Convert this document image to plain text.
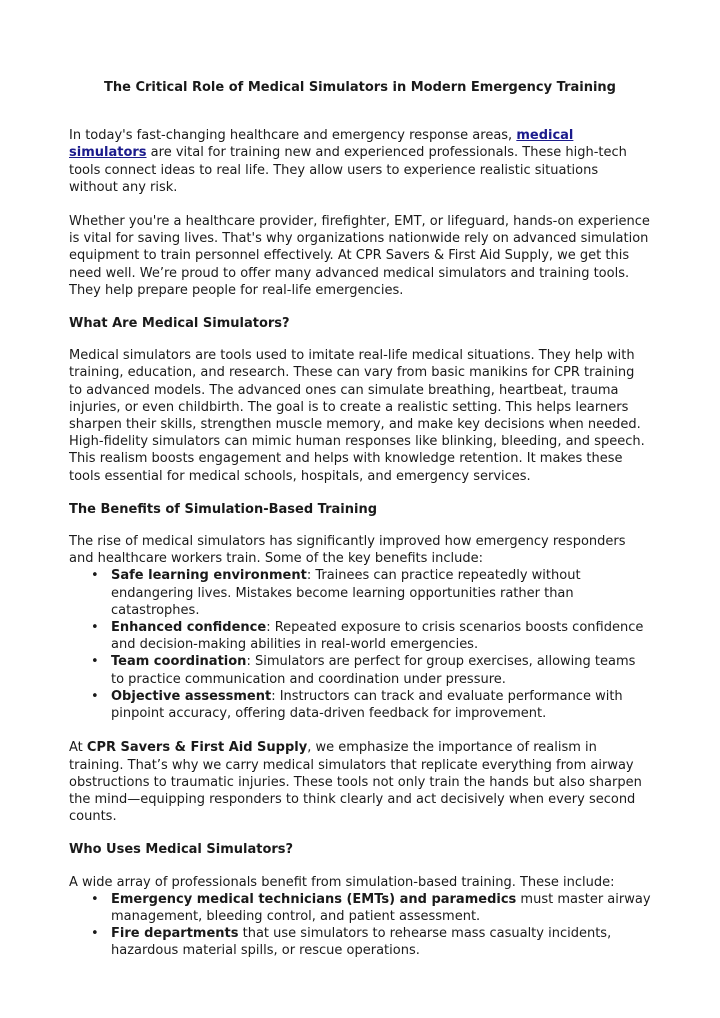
The Critical Role of Medical Simulators in Modern Emergency Training

In today's fast-changing healthcare and emergency response areas, medical simulators are vital for training new and experienced professionals. These high-tech tools connect ideas to real life. They allow users to experience realistic situations without any risk.

Whether you're a healthcare provider, firefighter, EMT, or lifeguard, hands-on experience is vital for saving lives. That's why organizations nationwide rely on advanced simulation equipment to train personnel effectively. At CPR Savers & First Aid Supply, we get this need well. We’re proud to offer many advanced medical simulators and training tools. They help prepare people for real-life emergencies.

What Are Medical Simulators?

Medical simulators are tools used to imitate real-life medical situations. They help with training, education, and research. These can vary from basic manikins for CPR training to advanced models. The advanced ones can simulate breathing, heartbeat, trauma injuries, or even childbirth. The goal is to create a realistic setting. This helps learners sharpen their skills, strengthen muscle memory, and make key decisions when needed.

High-fidelity simulators can mimic human responses like blinking, bleeding, and speech. This realism boosts engagement and helps with knowledge retention. It makes these tools essential for medical schools, hospitals, and emergency services.

The Benefits of Simulation-Based Training

The rise of medical simulators has significantly improved how emergency responders and healthcare workers train. Some of the key benefits include:

• Safe learning environment: Trainees can practice repeatedly without endangering lives. Mistakes become learning opportunities rather than catastrophes.
• Enhanced confidence: Repeated exposure to crisis scenarios boosts confidence and decision-making abilities in real-world emergencies.
• Team coordination: Simulators are perfect for group exercises, allowing teams to practice communication and coordination under pressure.
• Objective assessment: Instructors can track and evaluate performance with pinpoint accuracy, offering data-driven feedback for improvement.

At CPR Savers & First Aid Supply, we emphasize the importance of realism in training. That’s why we carry medical simulators that replicate everything from airway obstructions to traumatic injuries. These tools not only train the hands but also sharpen the mind—equipping responders to think clearly and act decisively when every second counts.

Who Uses Medical Simulators?

A wide array of professionals benefit from simulation-based training. These include:

• Emergency medical technicians (EMTs) and paramedics must master airway management, bleeding control, and patient assessment.
• Fire departments that use simulators to rehearse mass casualty incidents, hazardous material spills, or rescue operations.
